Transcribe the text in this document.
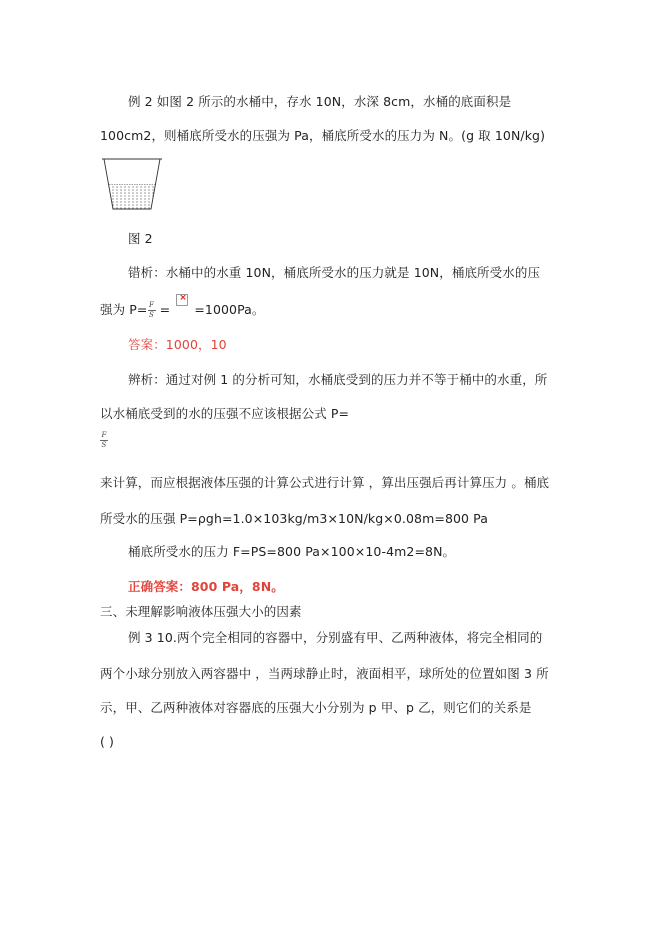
例 2 如图 2 所示的水桶中，存水 10N，水深 8cm，水桶的底面积是
100cm2，则桶底所受水的压强为 Pa，桶底所受水的压力为 N。(g 取 10N/kg)
图 2
错析：水桶中的水重 10N，桶底所受水的压力就是 10N，桶底所受水的压
强为 $P= \frac{F}{S}$ = × =1000Pa。
答案：1000，10
辨析：通过对例 1 的分析可知，水桶底受到的压力并不等于桶中的水重，所
以水桶底受到的水的压强不应该根据公式 P=
$\frac{F}{S}$
来计算，而应根据液体压强的计算公式进行计算 ，算出压强后再计算压力 。桶底
所受水的压强 P=ρgh=1.0×103kg/m3×10N/kg×0.08m=800 Pa
桶底所受水的压力 F=PS=800 Pa×100×10-4m2=8N。
正确答案：800 Pa，8N。
三、未理解影响液体压强大小的因素
例 3 10.两个完全相同的容器中，分别盛有甲、乙两种液体，将完全相同的
两个小球分别放入两容器中 ，当两球静止时，液面相平，球所处的位置如图 3 所
示，甲、乙两种液体对容器底的压强大小分别为 p 甲、p 乙，则它们的关系是
( )
